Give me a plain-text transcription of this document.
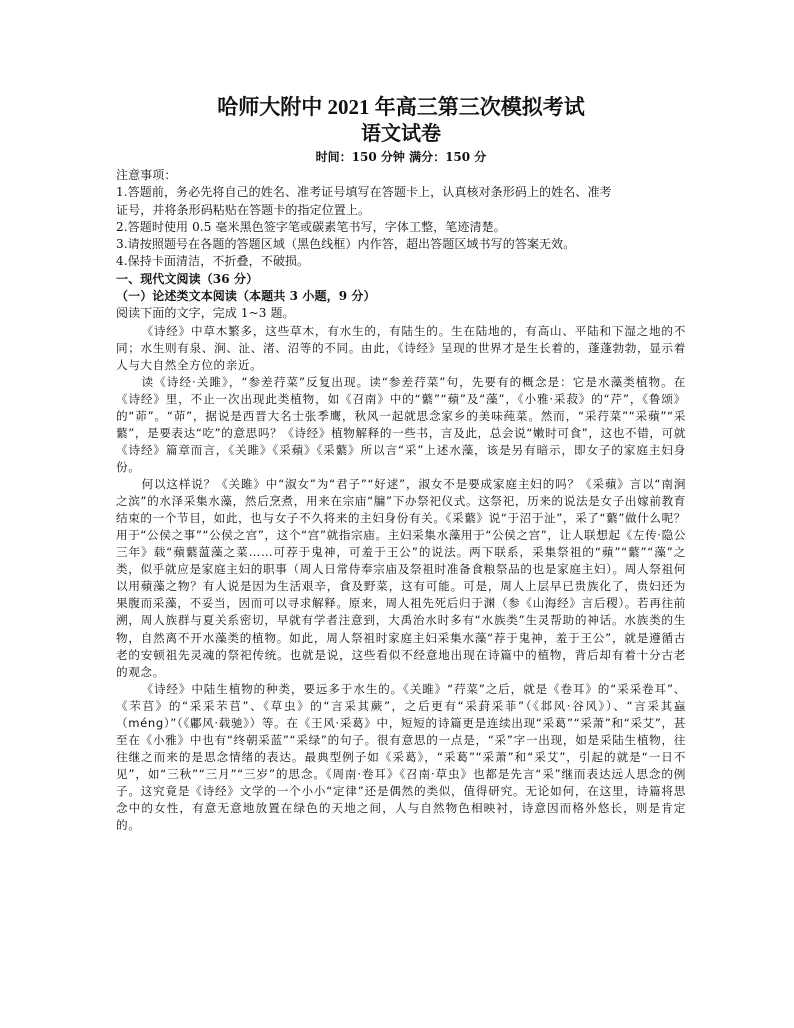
哈师大附中 2021 年高三第三次模拟考试
语文试卷
时间：150 分钟 满分：150 分

注意事项：

1.答题前，务必先将自己的姓名、准考证号填写在答题卡上，认真核对条形码上的姓名、准考

证号，并将条形码粘贴在答题卡的指定位置上。

2.答题时使用 0.5 毫米黑色签字笔或碳素笔书写，字体工整，笔迹清楚。

3.请按照题号在各题的答题区域（黑色线框）内作答，超出答题区域书写的答案无效。

4.保持卡面清洁，不折叠，不破损。

一、现代文阅读（36 分）

（一）论述类文本阅读（本题共 3 小题，9 分）

阅读下面的文字，完成 1~3 题。

《诗经》中草木繁多，这些草木，有水生的，有陆生的。生在陆地的，有高山、平陆和下湿之地的不同；水生则有泉、涧、沚、渚、沼等的不同。由此，《诗经》呈现的世界才是生长着的，蓬蓬勃勃，显示着人与大自然全方位的亲近。

读《诗经·关雎》，“参差荇菜”反复出现。读“参差荇菜”句，先要有的概念是：它是水藻类植物。在《诗经》里，不止一次出现此类植物，如《召南》中的“蘩”“蘋”及“藻”，《小雅·采菽》的“芹”，《鲁颂》的“茆”。“茆”，据说是西晋大名士张季鹰，秋风一起就思念家乡的美味莼菜。然而，“采荇菜”“采蘋”“采蘩”，是要表达“吃”的意思吗？《诗经》植物解释的一些书，言及此，总会说“嫩时可食”，这也不错，可就《诗经》篇章而言，《关雎》《采蘋》《采蘩》所以言“采”上述水藻，该是另有暗示，即女子的家庭主妇身份。

何以这样说？《关雎》中“淑女”为“君子”“好逑”，淑女不是要成家庭主妇的吗？《采蘋》言以“南涧之滨”的水泽采集水藻，然后烹煮，用来在宗庙“牖”下办祭祀仪式。这祭祀，历来的说法是女子出嫁前教育结束的一个节目，如此，也与女子不久将来的主妇身份有关。《采蘩》说“于沼于沚”，采了“蘩”做什么呢？用于“公侯之事”“公侯之宫”，这个“宫”就指宗庙。主妇采集水藻用于“公侯之宫”，让人联想起《左传·隐公三年》载“蘋蘩蕰藻之菜……可荐于鬼神，可羞于王公”的说法。两下联系，采集祭祖的“蘋”“蘩”“藻”之类，似乎就应是家庭主妇的职事（周人日常侍奉宗庙及祭祖时准备食粮祭品的也是家庭主妇）。周人祭祖何以用蘋藻之物？有人说是因为生活艰辛，食及野菜，这有可能。可是，周人上层早已贵族化了，贵妇还为果腹而采藻，不妥当，因而可以寻求解释。原来，周人祖先死后归于渊（参《山海经》言后稷）。若再往前溯，周人族群与夏关系密切，早就有学者注意到，大禹治水时多有“水族类”生灵帮助的神话。水族类的生物，自然离不开水藻类的植物。如此，周人祭祖时家庭主妇采集水藻“荐于鬼神，羞于王公”，就是遵循古老的安顿祖先灵魂的祭祀传统。也就是说，这些看似不经意地出现在诗篇中的植物，背后却有着十分古老的观念。

《诗经》中陆生植物的种类，要远多于水生的。《关雎》“荇菜”之后，就是《卷耳》的“采采卷耳”、《芣苢》的“采采芣苢”、《草虫》的“言采其蕨”，之后更有“采葑采菲”（《邶风·谷风》）、“言采其蝱（méng）”（《鄘风·载驰》）等。在《王风·采葛》中，短短的诗篇更是连续出现“采葛”“采萧”和“采艾”，甚至在《小雅》中也有“终朝采蓝”“采绿”的句子。很有意思的一点是，“采”字一出现，如是采陆生植物，往往继之而来的是思念情绪的表达。最典型例子如《采葛》，“采葛”“采萧”和“采艾”，引起的就是“一日不见”，如“三秋”“三月”“三岁”的思念。《周南·卷耳》《召南·草虫》也都是先言“采”继而表达远人思念的例子。这究竟是《诗经》文学的一个小小“定律”还是偶然的类似，值得研究。无论如何，在这里，诗篇将思念中的女性，有意无意地放置在绿色的天地之间，人与自然物色相映衬，诗意因而格外悠长，则是肯定的。
